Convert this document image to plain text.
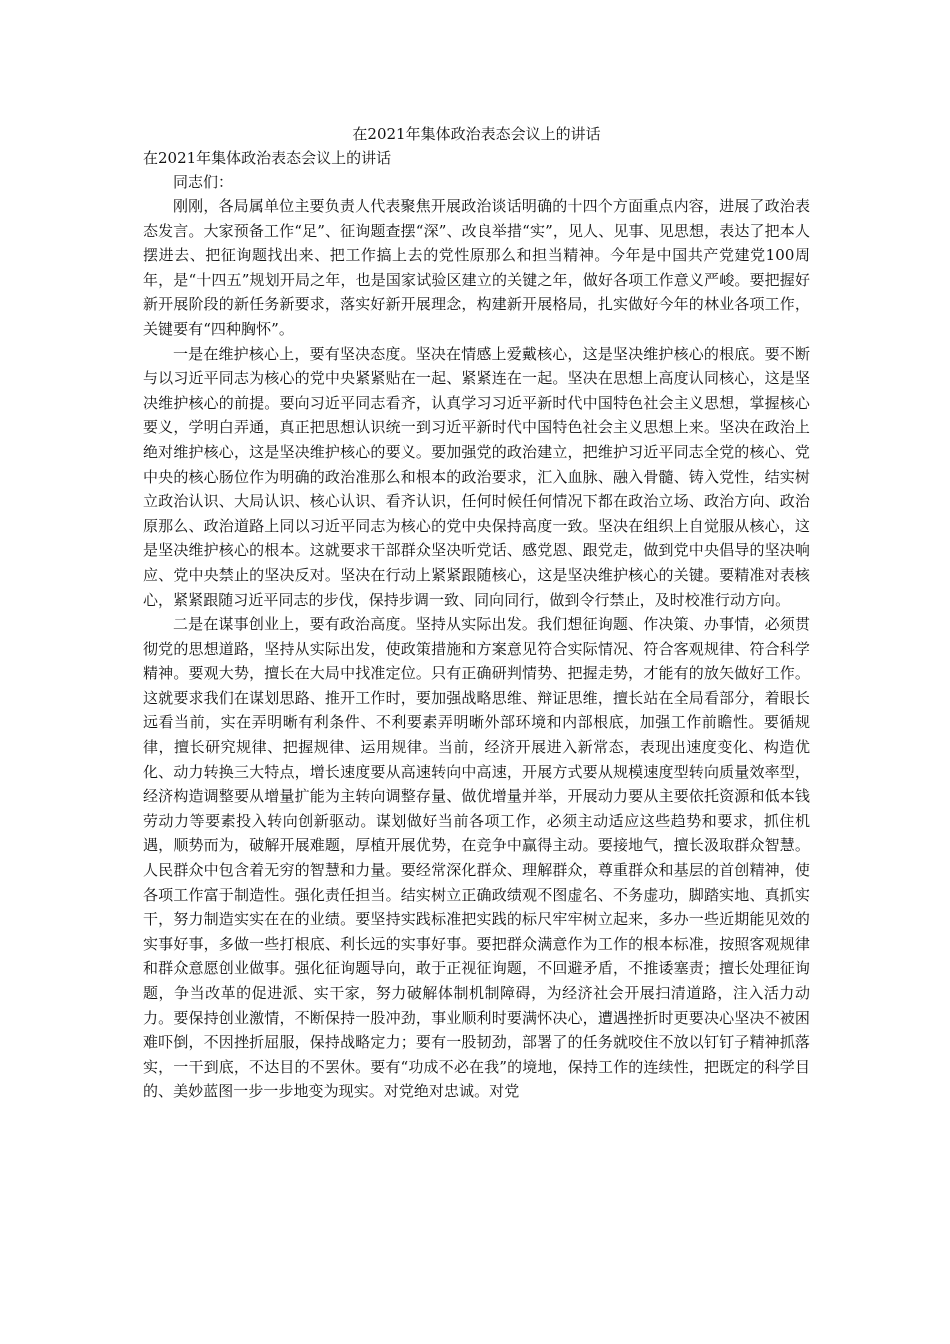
在2021年集体政治表态会议上的讲话
在2021年集体政治表态会议上的讲话

同志们：

刚刚，各局属单位主要负责人代表聚焦开展政治谈话明确的十四个方面重点内容，进展了政治表态发言。大家预备工作“足”、征询题查摆“深”、改良举措“实”，见人、见事、见思想，表达了把本人摆进去、把征询题找出来、把工作搞上去的党性原那么和担当精神。今年是中国共产党建党100周年，是“十四五”规划开局之年，也是国家试验区建立的关键之年，做好各项工作意义严峻。要把握好新开展阶段的新任务新要求，落实好新开展理念，构建新开展格局，扎实做好今年的林业各项工作，关键要有“四种胸怀”。

一是在维护核心上，要有坚决态度。坚决在情感上爱戴核心，这是坚决维护核心的根底。要不断与以习近平同志为核心的党中央紧紧贴在一起、紧紧连在一起。坚决在思想上高度认同核心，这是坚决维护核心的前提。要向习近平同志看齐，认真学习习近平新时代中国特色社会主义思想，掌握核心要义，学明白弄通，真正把思想认识统一到习近平新时代中国特色社会主义思想上来。坚决在政治上绝对维护核心，这是坚决维护核心的要义。要加强党的政治建立，把维护习近平同志全党的核心、党中央的核心肠位作为明确的政治准那么和根本的政治要求，汇入血脉、融入骨髓、铸入党性，结实树立政治认识、大局认识、核心认识、看齐认识，任何时候任何情况下都在政治立场、政治方向、政治原那么、政治道路上同以习近平同志为核心的党中央保持高度一致。坚决在组织上自觉服从核心，这是坚决维护核心的根本。这就要求干部群众坚决听党话、感党恩、跟党走，做到党中央倡导的坚决响应、党中央禁止的坚决反对。坚决在行动上紧紧跟随核心，这是坚决维护核心的关键。要精准对表核心，紧紧跟随习近平同志的步伐，保持步调一致、同向同行，做到令行禁止，及时校准行动方向。

二是在谋事创业上，要有政治高度。坚持从实际出发。我们想征询题、作决策、办事情，必须贯彻党的思想道路，坚持从实际出发，使政策措施和方案意见符合实际情况、符合客观规律、符合科学精神。要观大势，擅长在大局中找准定位。只有正确研判情势、把握走势，才能有的放矢做好工作。这就要求我们在谋划思路、推开工作时，要加强战略思维、辩证思维，擅长站在全局看部分，着眼长远看当前，实在弄明晰有利条件、不利要素弄明晰外部环境和内部根底，加强工作前瞻性。要循规律，擅长研究规律、把握规律、运用规律。当前，经济开展进入新常态，表现出速度变化、构造优化、动力转换三大特点，增长速度要从高速转向中高速，开展方式要从规模速度型转向质量效率型，经济构造调整要从增量扩能为主转向调整存量、做优增量并举，开展动力要从主要依托资源和低本钱劳动力等要素投入转向创新驱动。谋划做好当前各项工作，必须主动适应这些趋势和要求，抓住机遇，顺势而为，破解开展难题，厚植开展优势，在竞争中赢得主动。要接地气，擅长汲取群众智慧。人民群众中包含着无穷的智慧和力量。要经常深化群众、理解群众，尊重群众和基层的首创精神，使各项工作富于制造性。强化责任担当。结实树立正确政绩观不图虚名、不务虚功，脚踏实地、真抓实干，努力制造实实在在的业绩。要坚持实践标准把实践的标尺牢牢树立起来，多办一些近期能见效的实事好事，多做一些打根底、利长远的实事好事。要把群众满意作为工作的根本标准，按照客观规律和群众意愿创业做事。强化征询题导向，敢于正视征询题，不回避矛盾，不推诿塞责；擅长处理征询题，争当改革的促进派、实干家，努力破解体制机制障碍，为经济社会开展扫清道路，注入活力动力。要保持创业激情，不断保持一股冲劲，事业顺利时要满怀决心，遭遇挫折时更要决心坚决不被困难吓倒，不因挫折屈服，保持战略定力；要有一股韧劲，部署了的任务就咬住不放以钉钉子精神抓落实，一干到底，不达目的不罢休。要有“功成不必在我”的境地，保持工作的连续性，把既定的科学目的、美妙蓝图一步一步地变为现实。对党绝对忠诚。对党
